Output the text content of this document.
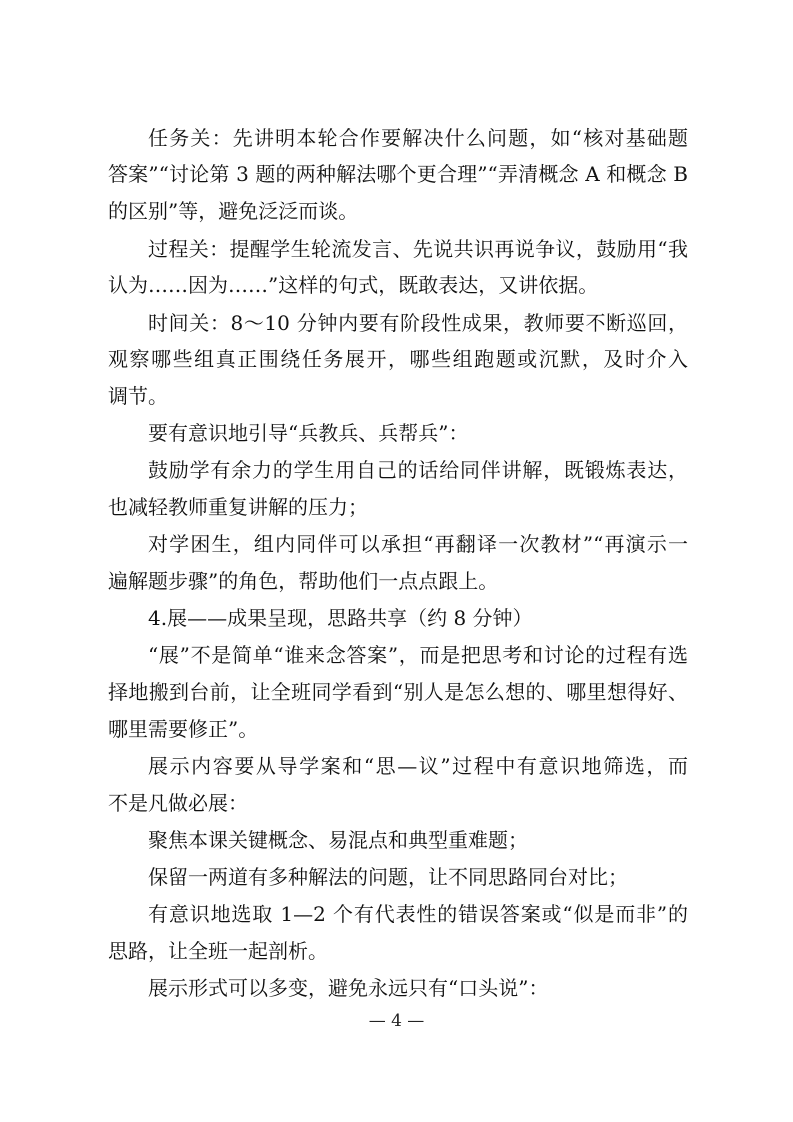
任务关：先讲明本轮合作要解决什么问题，如“核对基础题
答案”“讨论第 3 题的两种解法哪个更合理”“弄清概念 A 和概念 B
的区别”等，避免泛泛而谈。
过程关：提醒学生轮流发言、先说共识再说争议，鼓励用“我
认为……因为……”这样的句式，既敢表达，又讲依据。
时间关：8～10 分钟内要有阶段性成果，教师要不断巡回，
观察哪些组真正围绕任务展开，哪些组跑题或沉默，及时介入
调节。
要有意识地引导“兵教兵、兵帮兵”：
鼓励学有余力的学生用自己的话给同伴讲解，既锻炼表达，
也减轻教师重复讲解的压力；
对学困生，组内同伴可以承担“再翻译一次教材”“再演示一
遍解题步骤”的角色，帮助他们一点点跟上。
4.展——成果呈现，思路共享（约 8 分钟）
“展”不是简单“谁来念答案”，而是把思考和讨论的过程有选
择地搬到台前，让全班同学看到“别人是怎么想的、哪里想得好、
哪里需要修正”。
展示内容要从导学案和“思—议”过程中有意识地筛选，而
不是凡做必展：
聚焦本课关键概念、易混点和典型重难题；
保留一两道有多种解法的问题，让不同思路同台对比；
有意识地选取 1—2 个有代表性的错误答案或“似是而非”的
思路，让全班一起剖析。
展示形式可以多变，避免永远只有“口头说”：
— 4 —
